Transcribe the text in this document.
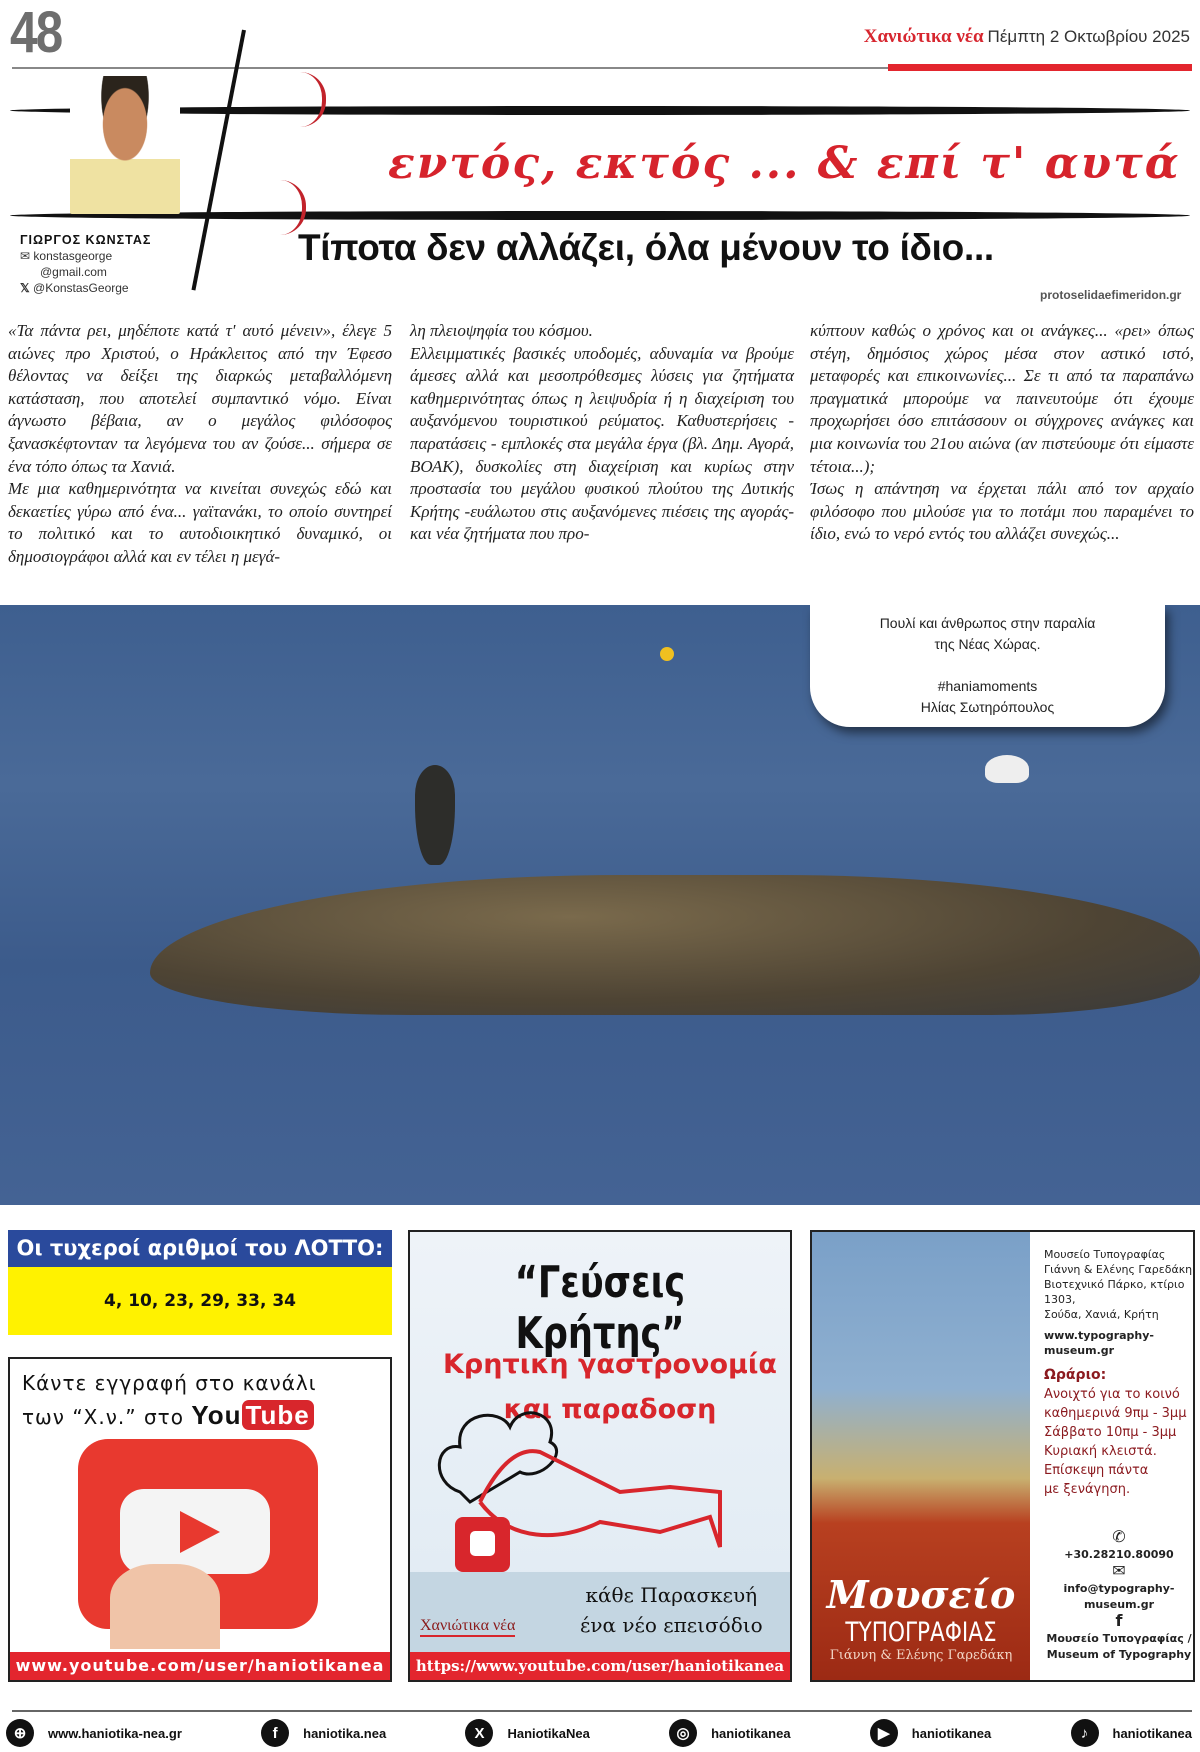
48	Χανιώτικα νέα Πέμπτη 2 Οκτωβρίου 2025
εντός, εκτός ... & επί τ' αυτά
Τίποτα δεν αλλάζει, όλα μένουν το ίδιο...
protoselidaefimeridon.gr
ΓΙΩΡΓΟΣ ΚΩΝΣΤΑΣ
✉ konstasgeorge
@gmail.com
𝕏 @KonstasGeorge

«Τα πάντα ρει, μηδέποτε κατά τ' αυτό μένειν», έλεγε 5 αιώνες προ Χριστού, ο Ηράκλειτος από την Έφεσο θέλοντας να δείξει της διαρκώς μεταβαλλόμενη κατάσταση, που αποτελεί συμπαντικό νόμο. Είναι άγνωστο βέβαια, αν ο μεγάλος φιλόσοφος ξανασκέφτονταν τα λεγόμενα του αν ζούσε... σήμερα σε ένα τόπο όπως τα Χανιά.

Με μια καθημερινότητα να κινείται συνεχώς εδώ και δεκαετίες γύρω από ένα... γαϊτανάκι, το οποίο συντηρεί το πολιτικό και το αυτοδιοικητικό δυναμικό, οι δημοσιογράφοι αλλά και εν τέλει η μεγά-

λη πλειοψηφία του κόσμου.

Ελλειμματικές βασικές υποδομές, αδυναμία να βρούμε άμεσες αλλά και μεσοπρόθεσμες λύσεις για ζητήματα καθημερινότητας όπως η λειψυδρία ή η διαχείριση του αυξανόμενου τουριστικού ρεύματος. Καθυστερήσεις - παρατάσεις - εμπλοκές στα μεγάλα έργα (βλ. Δημ. Αγορά, ΒΟΑΚ), δυσκολίες στη διαχείριση και κυρίως στην προστασία του μεγάλου φυσικού πλούτου της Δυτικής Κρήτης -ευάλωτου στις αυξανόμενες πιέσεις της αγοράς- και νέα ζητήματα που προ-

κύπτουν καθώς ο χρόνος και οι ανάγκες... «ρει» όπως στέγη, δημόσιος χώρος μέσα στον αστικό ιστό, μεταφορές και επικοινωνίες... Σε τι από τα παραπάνω πραγματικά μπορούμε να παινευτούμε ότι έχουμε προχωρήσει όσο επιτάσσουν οι σύγχρονες ανάγκες και μια κοινωνία του 21ου αιώνα (αν πιστεύουμε ότι είμαστε τέτοια...);

Ίσως η απάντηση να έρχεται πάλι από τον αρχαίο φιλόσοφο που μιλούσε για το ποτάμι που παραμένει το ίδιο, ενώ το νερό εντός του αλλάζει συνεχώς...

Πουλί και άνθρωπος στην παραλία
της Νέας Χώρας.
#haniamoments
Ηλίας Σωτηρόπουλος
Οι τυχεροί αριθμοί του ΛΟΤΤΟ:
4, 10, 23, 29, 33, 34
Κάντε εγγραφή στο κανάλι
των “Χ.ν.” στο You Tube
www.youtube.com/user/haniotikanea
“Γεύσεις Κρήτης”
Κρητικη γαστρονομία
και παραδοση
Χανιώτικα νέα
κάθε Παρασκευή
ένα νέο επεισόδιο
https://www.youtube.com/user/haniotikanea
Μουσείο
ΤΥΠΟΓΡΑΦΙΑΣ
Γιάννη & Ελένης Γαρεδάκη
Μουσείο Τυπογραφίας
Γιάννη & Ελένης Γαρεδάκη
Βιοτεχνικό Πάρκο, κτίριο 1303,
Σούδα, Χανιά, Κρήτη
www.typography-museum.gr
Ωράριο:
Ανοιχτό για το κοινό
καθημερινά 9πμ - 3μμ
Σάββατο 10πμ - 3μμ
Κυριακή κλειστά.
Επίσκεψη πάντα
με ξενάγηση.
✆
+30.28210.80090
✉
info@typography-museum.gr
f
Μουσείο Τυπογραφίας / Museum of Typography
⊕	www.haniotika-nea.gr	f	haniotika.nea	X	HaniotikaNea	◎	haniotikanea	▶	haniotikanea	♪	haniotikanea
